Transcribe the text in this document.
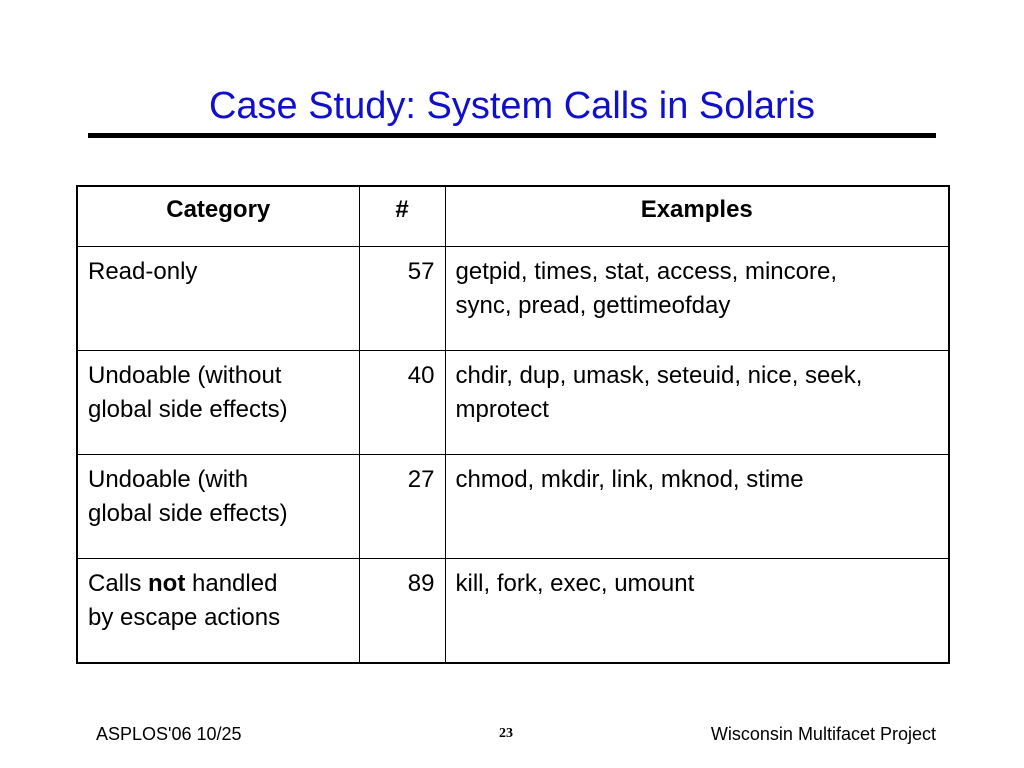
Case Study: System Calls in Solaris
Category	#	Examples
Read-only	57	getpid, times, stat, access, mincore,
sync, pread, gettimeofday
Undoable (without
global side effects)	40	chdir, dup, umask, seteuid, nice, seek,
mprotect
Undoable (with
global side effects)	27	chmod, mkdir, link, mknod, stime
Calls not handled
by escape actions	89	kill, fork, exec, umount
ASPLOS'06 10/25	23	Wisconsin Multifacet Project
